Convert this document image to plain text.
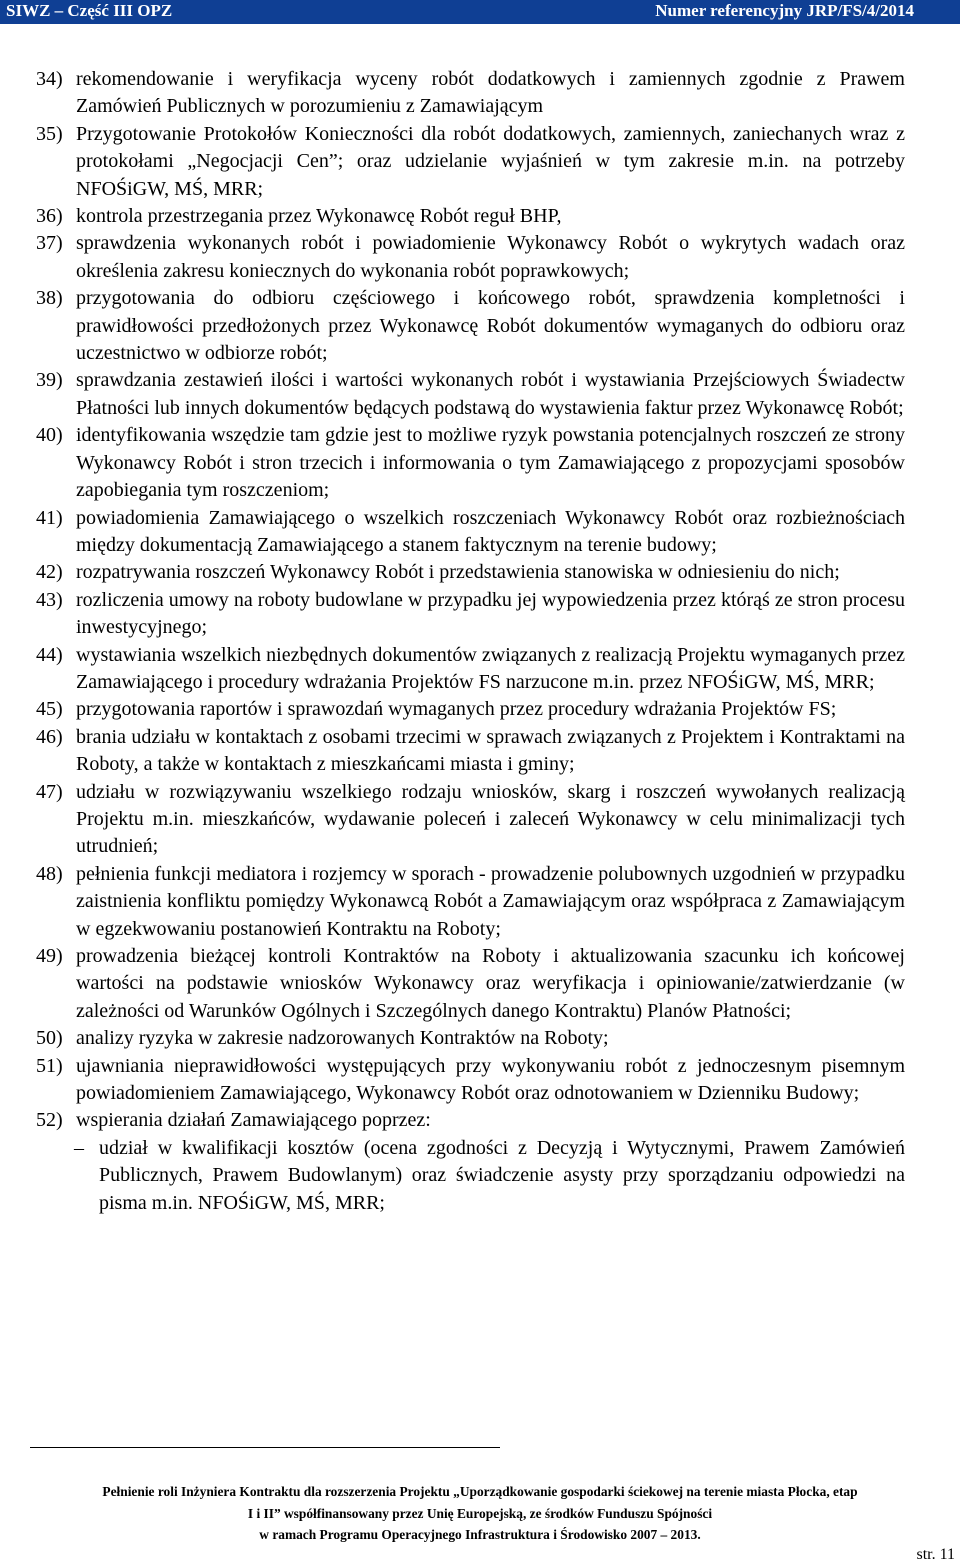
SIWZ – Część III OPZ	Numer referencyjny JRP/FS/4/2014
34) rekomendowanie i weryfikacja wyceny robót dodatkowych i zamiennych zgodnie z Prawem Zamówień Publicznych w porozumieniu z Zamawiającym
35) Przygotowanie Protokołów Konieczności dla robót dodatkowych, zamiennych, zaniechanych wraz z protokołami „Negocjacji Cen”; oraz udzielanie wyjaśnień w tym zakresie m.in. na potrzeby NFOŚiGW, MŚ, MRR;
36) kontrola przestrzegania przez Wykonawcę Robót reguł BHP,
37) sprawdzenia wykonanych robót i powiadomienie Wykonawcy Robót o wykrytych wadach oraz określenia zakresu koniecznych do wykonania robót poprawkowych;
38) przygotowania do odbioru częściowego i końcowego robót, sprawdzenia kompletności i prawidłowości przedłożonych przez Wykonawcę Robót dokumentów wymaganych do odbioru oraz uczestnictwo w odbiorze robót;
39) sprawdzania zestawień ilości i wartości wykonanych robót i wystawiania Przejściowych Świadectw Płatności lub innych dokumentów będących podstawą do wystawienia faktur przez Wykonawcę Robót;
40) identyfikowania wszędzie tam gdzie jest to możliwe ryzyk powstania potencjalnych roszczeń ze strony Wykonawcy Robót i stron trzecich i informowania o tym Zamawiającego z propozycjami sposobów zapobiegania tym roszczeniom;
41) powiadomienia Zamawiającego o wszelkich roszczeniach Wykonawcy Robót oraz rozbieżnościach między dokumentacją Zamawiającego a stanem faktycznym na terenie budowy;
42) rozpatrywania roszczeń Wykonawcy Robót i przedstawienia stanowiska w odniesieniu do nich;
43) rozliczenia umowy na roboty budowlane w przypadku jej wypowiedzenia przez którąś ze stron procesu inwestycyjnego;
44) wystawiania wszelkich niezbędnych dokumentów związanych z realizacją Projektu wymaganych przez Zamawiającego i procedury wdrażania Projektów FS narzucone m.in. przez NFOŚiGW, MŚ, MRR;
45) przygotowania raportów i sprawozdań wymaganych przez procedury wdrażania Projektów FS;
46) brania udziału w kontaktach z osobami trzecimi w sprawach związanych z Projektem i Kontraktami na Roboty, a także w kontaktach z mieszkańcami miasta i gminy;
47) udziału w rozwiązywaniu wszelkiego rodzaju wniosków, skarg i roszczeń wywołanych realizacją Projektu m.in. mieszkańców, wydawanie poleceń i zaleceń Wykonawcy w celu minimalizacji tych utrudnień;
48) pełnienia funkcji mediatora i rozjemcy w sporach - prowadzenie polubownych uzgodnień w przypadku zaistnienia konfliktu pomiędzy Wykonawcą Robót a Zamawiającym oraz współpraca z Zamawiającym w egzekwowaniu postanowień Kontraktu na Roboty;
49) prowadzenia bieżącej kontroli Kontraktów na Roboty i aktualizowania szacunku ich końcowej wartości na podstawie wniosków Wykonawcy oraz weryfikacja i opiniowanie/zatwierdzanie (w zależności od Warunków Ogólnych i Szczególnych danego Kontraktu) Planów Płatności;
50) analizy ryzyka w zakresie nadzorowanych Kontraktów na Roboty;
51) ujawniania nieprawidłowości występujących przy wykonywaniu robót z jednoczesnym pisemnym powiadomieniem Zamawiającego, Wykonawcy Robót oraz odnotowaniem w Dzienniku Budowy;
52) wspierania działań Zamawiającego poprzez:
– udział w kwalifikacji kosztów (ocena zgodności z Decyzją i Wytycznymi, Prawem Zamówień Publicznych, Prawem Budowlanym) oraz świadczenie asysty przy sporządzaniu odpowiedzi na pisma m.in. NFOŚiGW, MŚ, MRR;
Pełnienie roli Inżyniera Kontraktu dla rozszerzenia Projektu „Uporządkowanie gospodarki ściekowej na terenie miasta Płocka, etap
I i II” współfinansowany przez Unię Europejską, ze środków Funduszu Spójności
w ramach Programu Operacyjnego Infrastruktura i Środowisko 2007 – 2013.
str. 11
